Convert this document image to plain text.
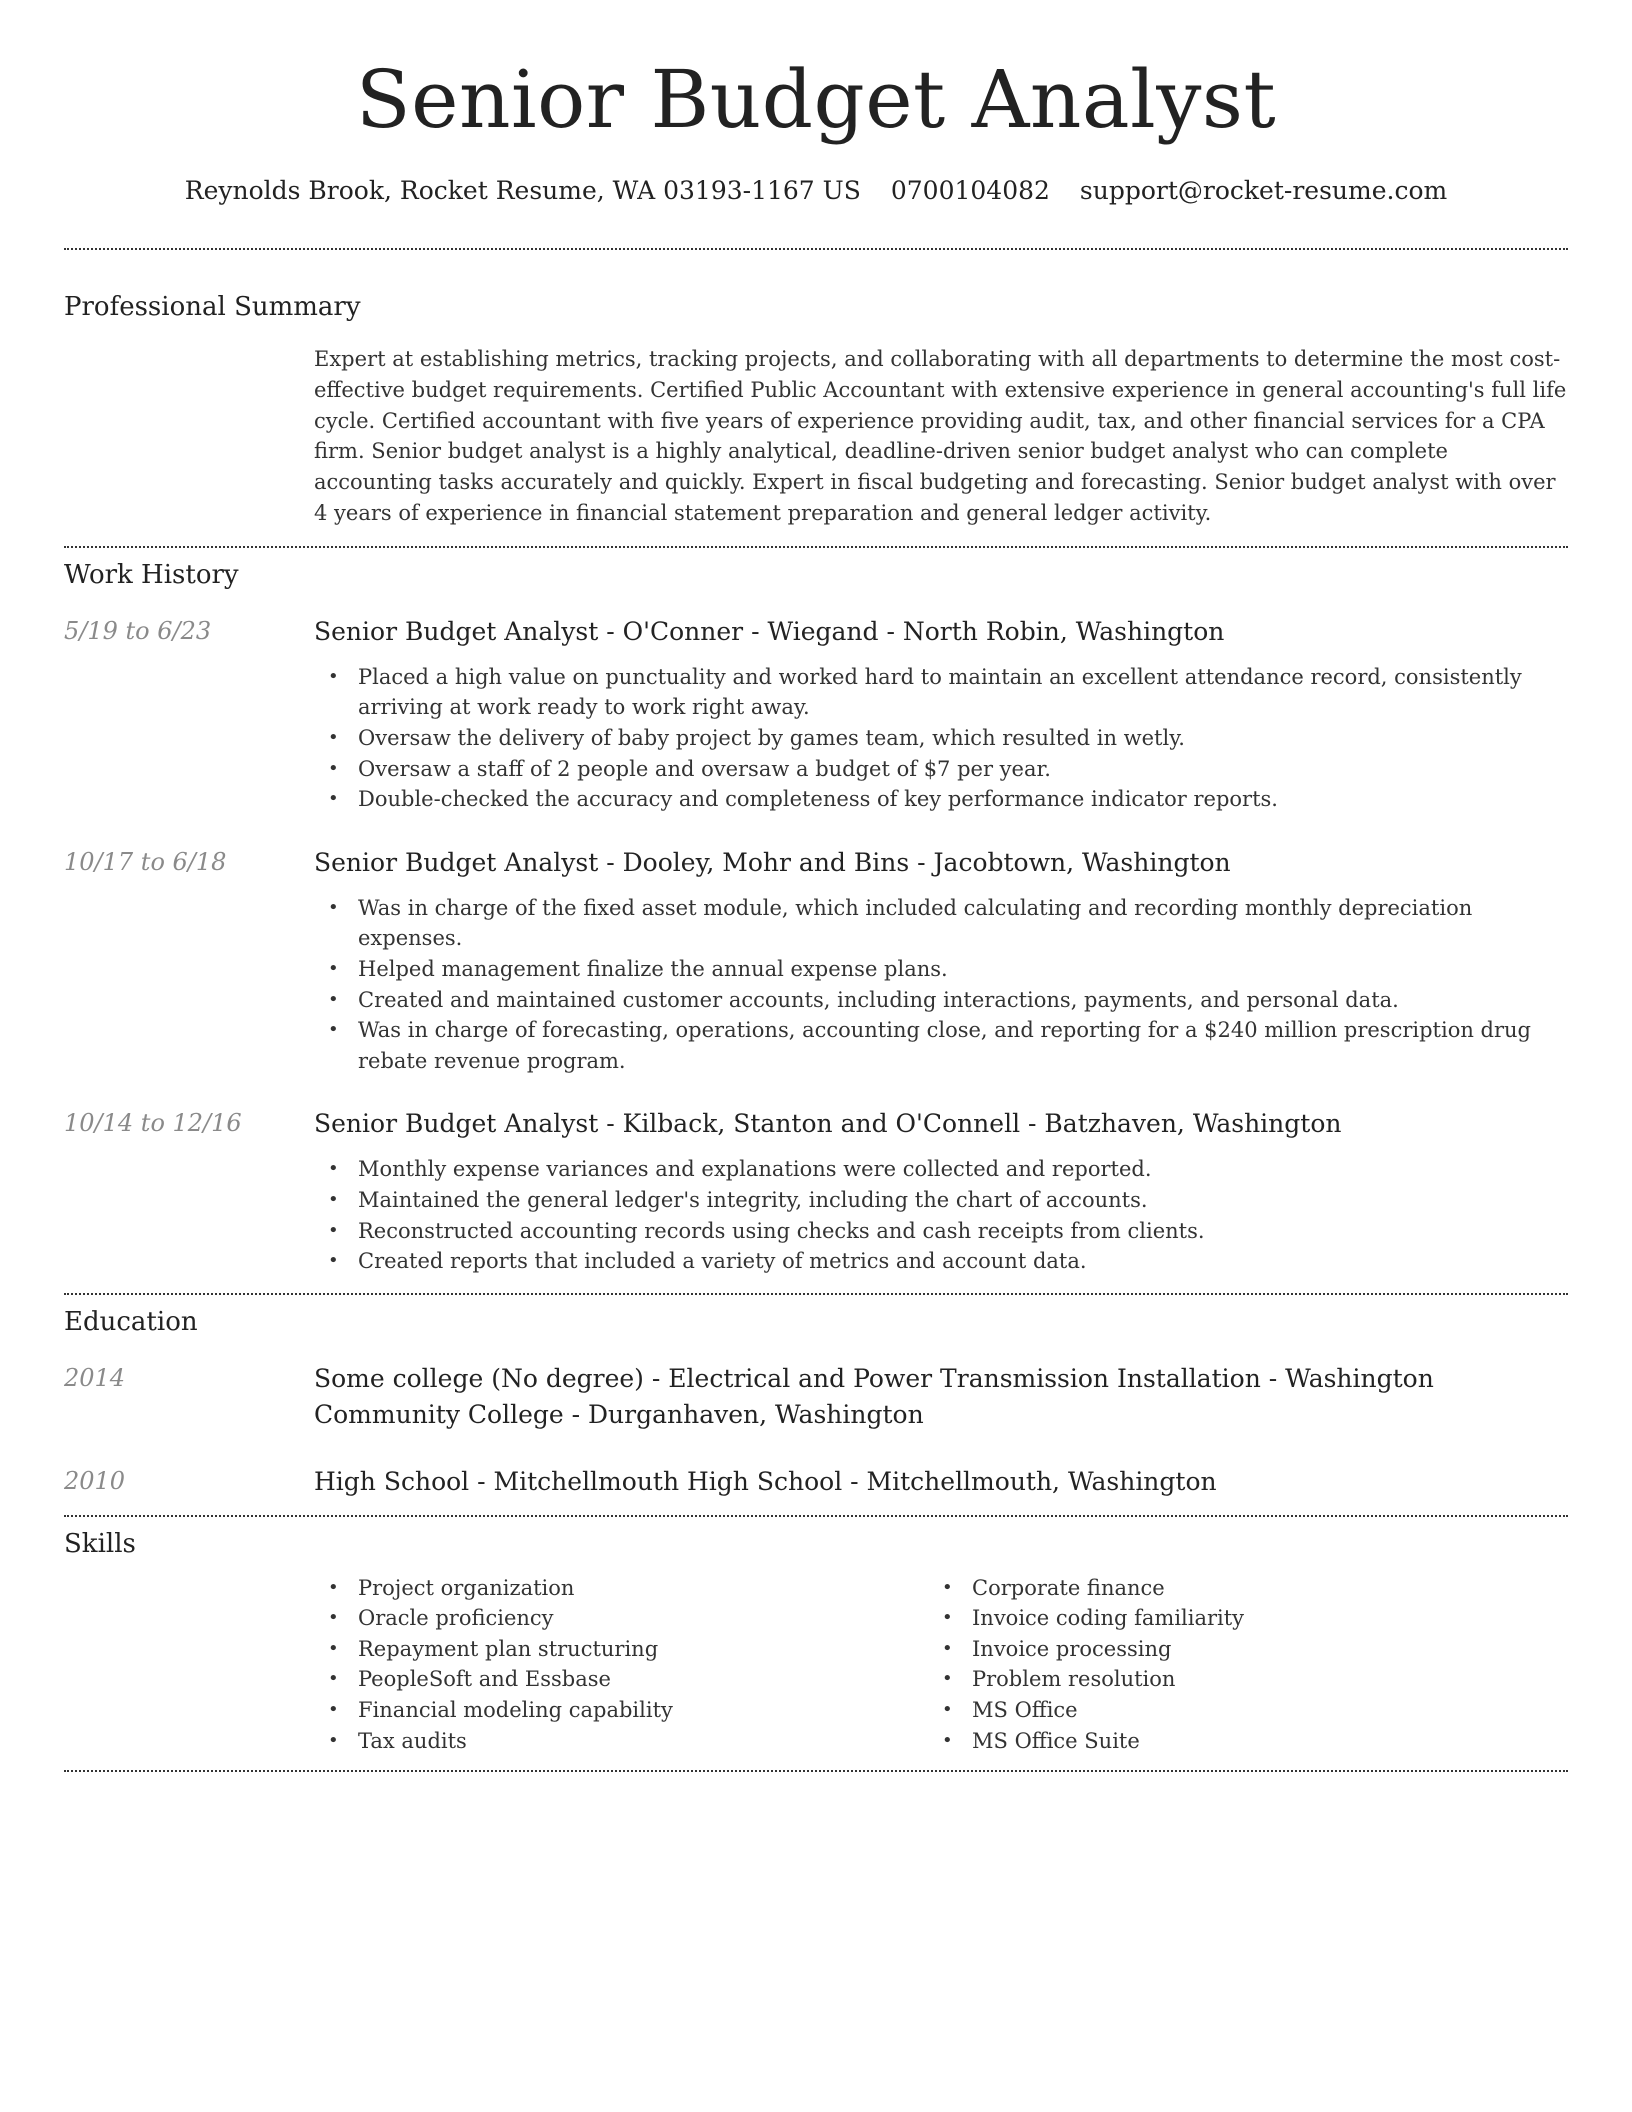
Senior Budget Analyst
Reynolds Brook, Rocket Resume, WA 03193-1167 US 0700104082 support@rocket-resume.com
Professional Summary

Expert at establishing metrics, tracking projects, and collaborating with all departments to determine the most cost-effective budget requirements. Certified Public Accountant with extensive experience in general accounting's full life cycle. Certified accountant with five years of experience providing audit, tax, and other financial services for a CPA firm. Senior budget analyst is a highly analytical, deadline-driven senior budget analyst who can complete accounting tasks accurately and quickly. Expert in fiscal budgeting and forecasting. Senior budget analyst with over 4 years of experience in financial statement preparation and general ledger activity.

Work History
5/19 to 6/23	Senior Budget Analyst - O'Conner - Wiegand - North Robin, Washington
• Placed a high value on punctuality and worked hard to maintain an excellent attendance record, consistently arriving at work ready to work right away.
• Oversaw the delivery of baby project by games team, which resulted in wetly.
• Oversaw a staff of 2 people and oversaw a budget of $7 per year.
• Double-checked the accuracy and completeness of key performance indicator reports.
10/17 to 6/18	Senior Budget Analyst - Dooley, Mohr and Bins - Jacobtown, Washington
• Was in charge of the fixed asset module, which included calculating and recording monthly depreciation expenses.
• Helped management finalize the annual expense plans.
• Created and maintained customer accounts, including interactions, payments, and personal data.
• Was in charge of forecasting, operations, accounting close, and reporting for a $240 million prescription drug rebate revenue program.
10/14 to 12/16	Senior Budget Analyst - Kilback, Stanton and O'Connell - Batzhaven, Washington
• Monthly expense variances and explanations were collected and reported.
• Maintained the general ledger's integrity, including the chart of accounts.
• Reconstructed accounting records using checks and cash receipts from clients.
• Created reports that included a variety of metrics and account data.
Education
2014	Some college (No degree) - Electrical and Power Transmission Installation - Washington Community College - Durganhaven, Washington
2010	High School - Mitchellmouth High School - Mitchellmouth, Washington
Skills
• Project organization
• Oracle proficiency
• Repayment plan structuring
• PeopleSoft and Essbase
• Financial modeling capability
• Tax audits
• Corporate finance
• Invoice coding familiarity
• Invoice processing
• Problem resolution
• MS Office
• MS Office Suite
